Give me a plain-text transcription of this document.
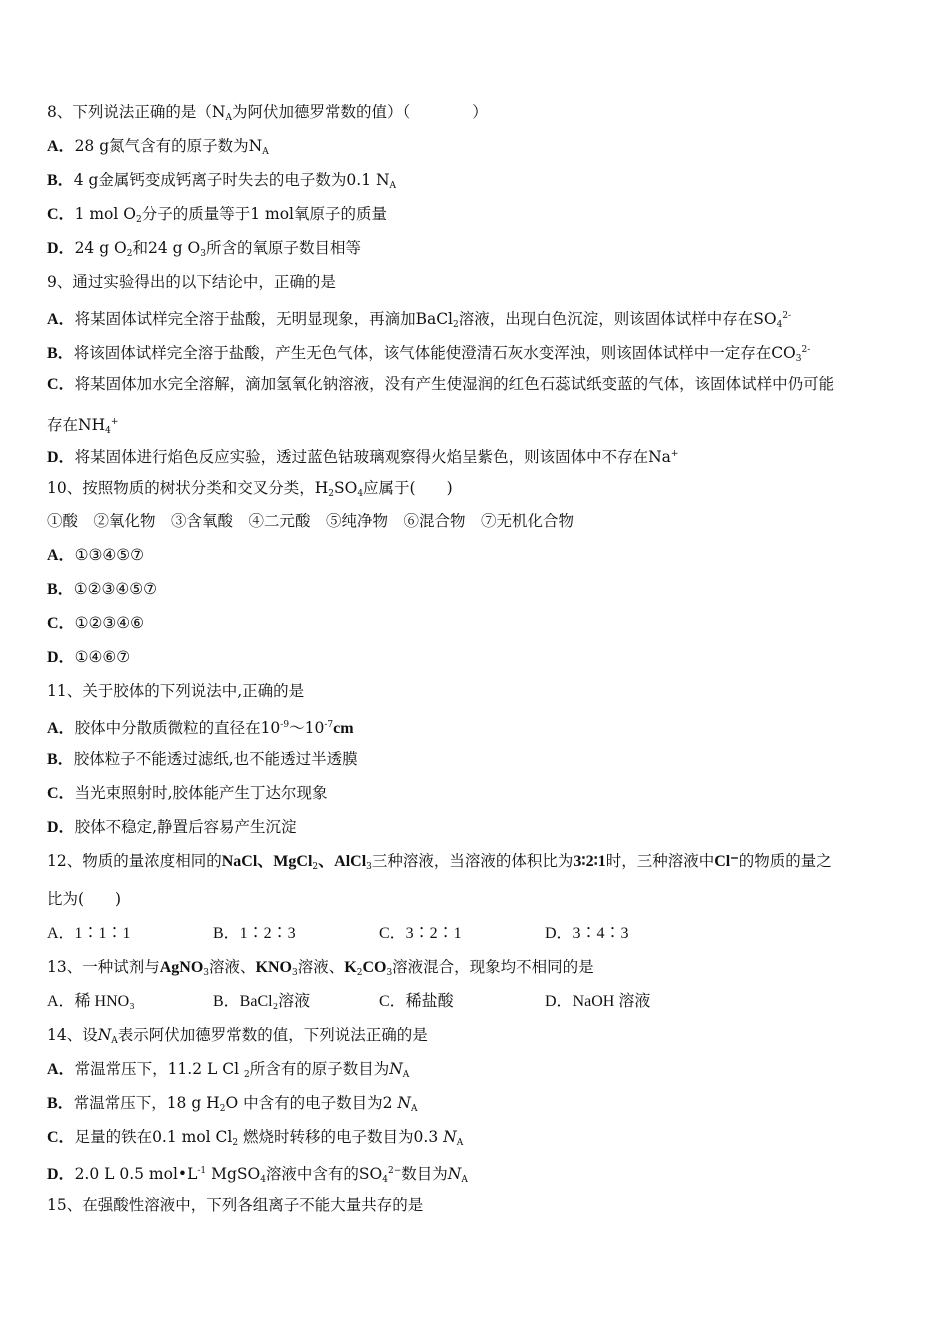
8、下列说法正确的是（$N_A$为阿伏加德罗常数的值）（　　　　）
A．28 g氮气含有的原子数为$N_A$
B．4 g金属钙变成钙离子时失去的电子数为0.1 $N_A$
C．1 mol $O_2$分子的质量等于1 mol氧原子的质量
D．24 g $O_2$和24 g $O_3$所含的氧原子数目相等
9、通过实验得出的以下结论中，正确的是
A．将某固体试样完全溶于盐酸，无明显现象，再滴加BaCl$_2$溶液，出现白色沉淀，则该固体试样中存在$SO_4^{2-}$
B．将该固体试样完全溶于盐酸，产生无色气体，该气体能使澄清石灰水变浑浊，则该固体试样中一定存在$CO_3^{2-}$
C．将某固体加水完全溶解，滴加氢氧化钠溶液，没有产生使湿润的红色石蕊试纸变蓝的气体，该固体试样中仍可能
存在$NH_4^+$
D．将某固体进行焰色反应实验，透过蓝色钴玻璃观察得火焰呈紫色，则该固体中不存在Na+
10、按照物质的树状分类和交叉分类，$H_2SO_4$应属于(　　)
①酸　②氧化物　③含氧酸　④二元酸　⑤纯净物　⑥混合物　⑦无机化合物
A．①③④⑤⑦
B．①②③④⑤⑦
C．①②③④⑥
D．①④⑥⑦
11、关于胶体的下列说法中,正确的是
A．胶体中分散质微粒的直径在$10^{-9}\sim 10^{-7}cm$
B．胶体粒子不能透过滤纸,也不能透过半透膜
C．当光束照射时,胶体能产生丁达尔现象
D．胶体不稳定,静置后容易产生沉淀
12、物质的量浓度相同的NaCl、MgCl$_2$、AlCl$_3$三种溶液，当溶液的体积比为3∶2∶1时，三种溶液中Cl⁻的物质的量之
比为(　　)
A．1∶1∶1	B．1∶2∶3	C．3∶2∶1	D．3∶4∶3
13、一种试剂与AgNO$_3$溶液、$KNO_3$溶液、$K_2CO_3$溶液混合，现象均不相同的是
A．稀 HNO₃	B．BaCl₂溶液	C．稀盐酸	D．NaOH 溶液
14、设$N_A$表示阿伏加德罗常数的值，下列说法正确的是
A．常温常压下，11.2 L Cl $_2$所含有的原子数目为$N_A$
B．常温常压下，18 g $H_2O$ 中含有的电子数目为2 $N_A$
C．足量的铁在0.1 mol $Cl_2$ 燃烧时转移的电子数目为0.3 $N_A$
D．2.0 L 0.5 $mol•L^{-1}$ MgSO$_4$溶液中含有的$SO_4^{2-}$数目为$N_A$
15、在强酸性溶液中，下列各组离子不能大量共存的是
